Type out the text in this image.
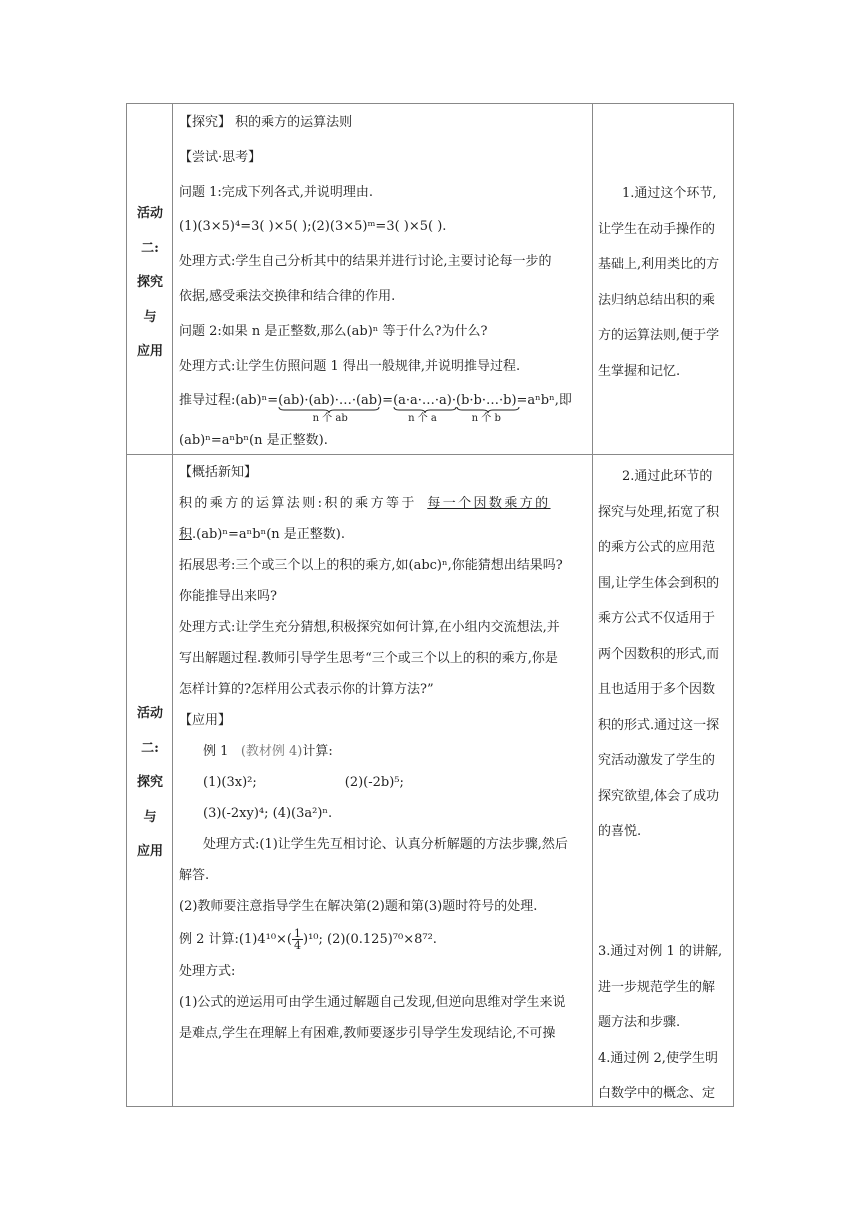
活动
二:
探究
与
应用

【探究】 积的乘方的运算法则

【尝试·思考】

问题 1:完成下列各式,并说明理由.

(1)(3×5)⁴=3( )×5( );(2)(3×5)ᵐ=3( )×5( ).

处理方式:学生自己分析其中的结果并进行讨论,主要讨论每一步的

依据,感受乘法交换律和结合律的作用.

问题 2:如果 n 是正整数,那么(ab)ⁿ 等于什么?为什么?

处理方式:让学生仿照问题 1 得出一般规律,并说明推导过程.

推导过程:(ab)ⁿ=(ab)·(ab)·…·(ab)
n 个 ab
=(a·a·…·a)
n 个 a
·(b·b·…·b)
n 个 b
=aⁿbⁿ,即

(ab)ⁿ=aⁿbⁿ(n 是正整数).

1.通过这个环节,

让学生在动手操作的

基础上,利用类比的方

法归纳总结出积的乘

方的运算法则,便于学

生掌握和记忆.

活动
二:
探究
与
应用

【概括新知】

积的乘方的运算法则:积的乘方等于 每一个因数乘方的

积.(ab)ⁿ=aⁿbⁿ(n 是正整数).

拓展思考:三个或三个以上的积的乘方,如(abc)ⁿ,你能猜想出结果吗?

你能推导出来吗?

处理方式:让学生充分猜想,积极探究如何计算,在小组内交流想法,并

写出解题过程.教师引导学生思考“三个或三个以上的积的乘方,你是

怎样计算的?怎样用公式表示你的计算方法?”

【应用】

例 1 (教材例 4)计算:

(1)(3x)²;	(2)(-2b)⁵;

(3)(-2xy)⁴; (4)(3a²)ⁿ.

处理方式:(1)让学生先互相讨论、认真分析解题的方法步骤,然后

解答.

(2)教师要注意指导学生在解决第(2)题和第(3)题时符号的处理.

例 2 计算:(1)4¹⁰×( $\frac{1}{4} )^{10}$; (2)(0.125)⁷⁰×8⁷².

处理方式:

(1)公式的逆运用可由学生通过解题自己发现,但逆向思维对学生来说

是难点,学生在理解上有困难,教师要逐步引导学生发现结论,不可操

2.通过此环节的

探究与处理,拓宽了积

的乘方公式的应用范

围,让学生体会到积的

乘方公式不仅适用于

两个因数积的形式,而

且也适用于多个因数

积的形式.通过这一探

究活动激发了学生的

探究欲望,体会了成功

的喜悦.

3.通过对例 1 的讲解,

进一步规范学生的解

题方法和步骤.

4.通过例 2,使学生明

白数学中的概念、定
